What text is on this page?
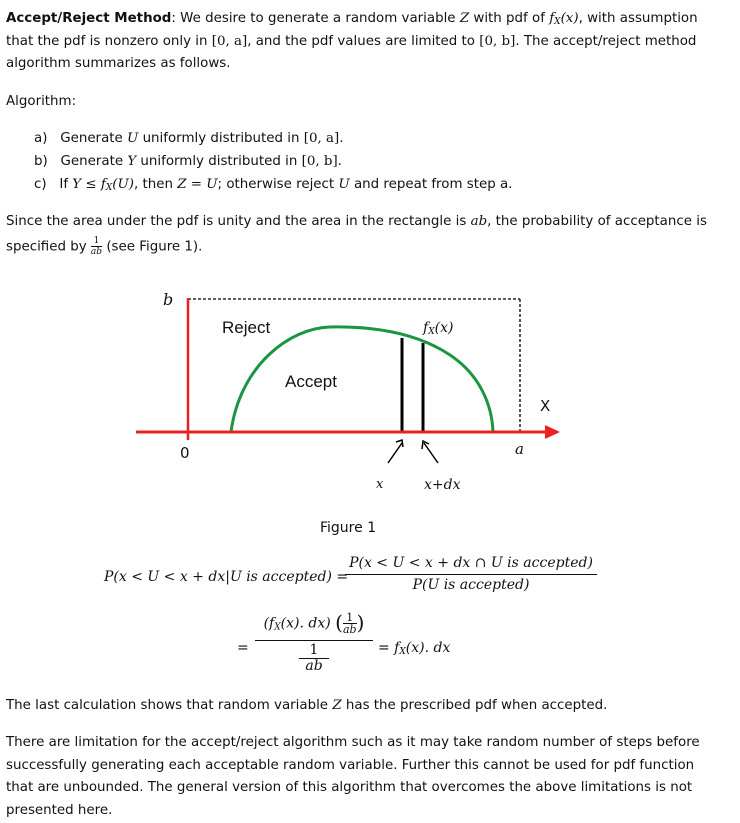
Accept/Reject Method: We desire to generate a random variable Z with pdf of $f_X(x)$, with assumption
that the pdf is nonzero only in [0, a], and the pdf values are limited to [0, b]. The accept/reject method
algorithm summarizes as follows.
Algorithm:
a) Generate U uniformly distributed in [0, a].
b) Generate Y uniformly distributed in [0, b].
c) If $Y \le f_X(U)$, then Z = U; otherwise reject U and repeat from step a.
Since the area under the pdf is unity and the area in the rectangle is ab, the probability of acceptance is
specified by $\frac{1}{ab} (see$ Figure 1).
b
0	a
X
Reject
Accept
$f_X(x)$
x	x+dx
Figure 1
P(x < U < x + dx|U is accepted) =
P(x < U < x + dx ∩ U is accepted)
P(U is accepted)
=
($f_X(x)$. dx) ( $\frac{1}{ab}$ )
1
ab
= $f_X(x)$. dx
The last calculation shows that random variable Z has the prescribed pdf when accepted.
There are limitation for the accept/reject algorithm such as it may take random number of steps before
successfully generating each acceptable random variable. Further this cannot be used for pdf function
that are unbounded. The general version of this algorithm that overcomes the above limitations is not
presented here.
